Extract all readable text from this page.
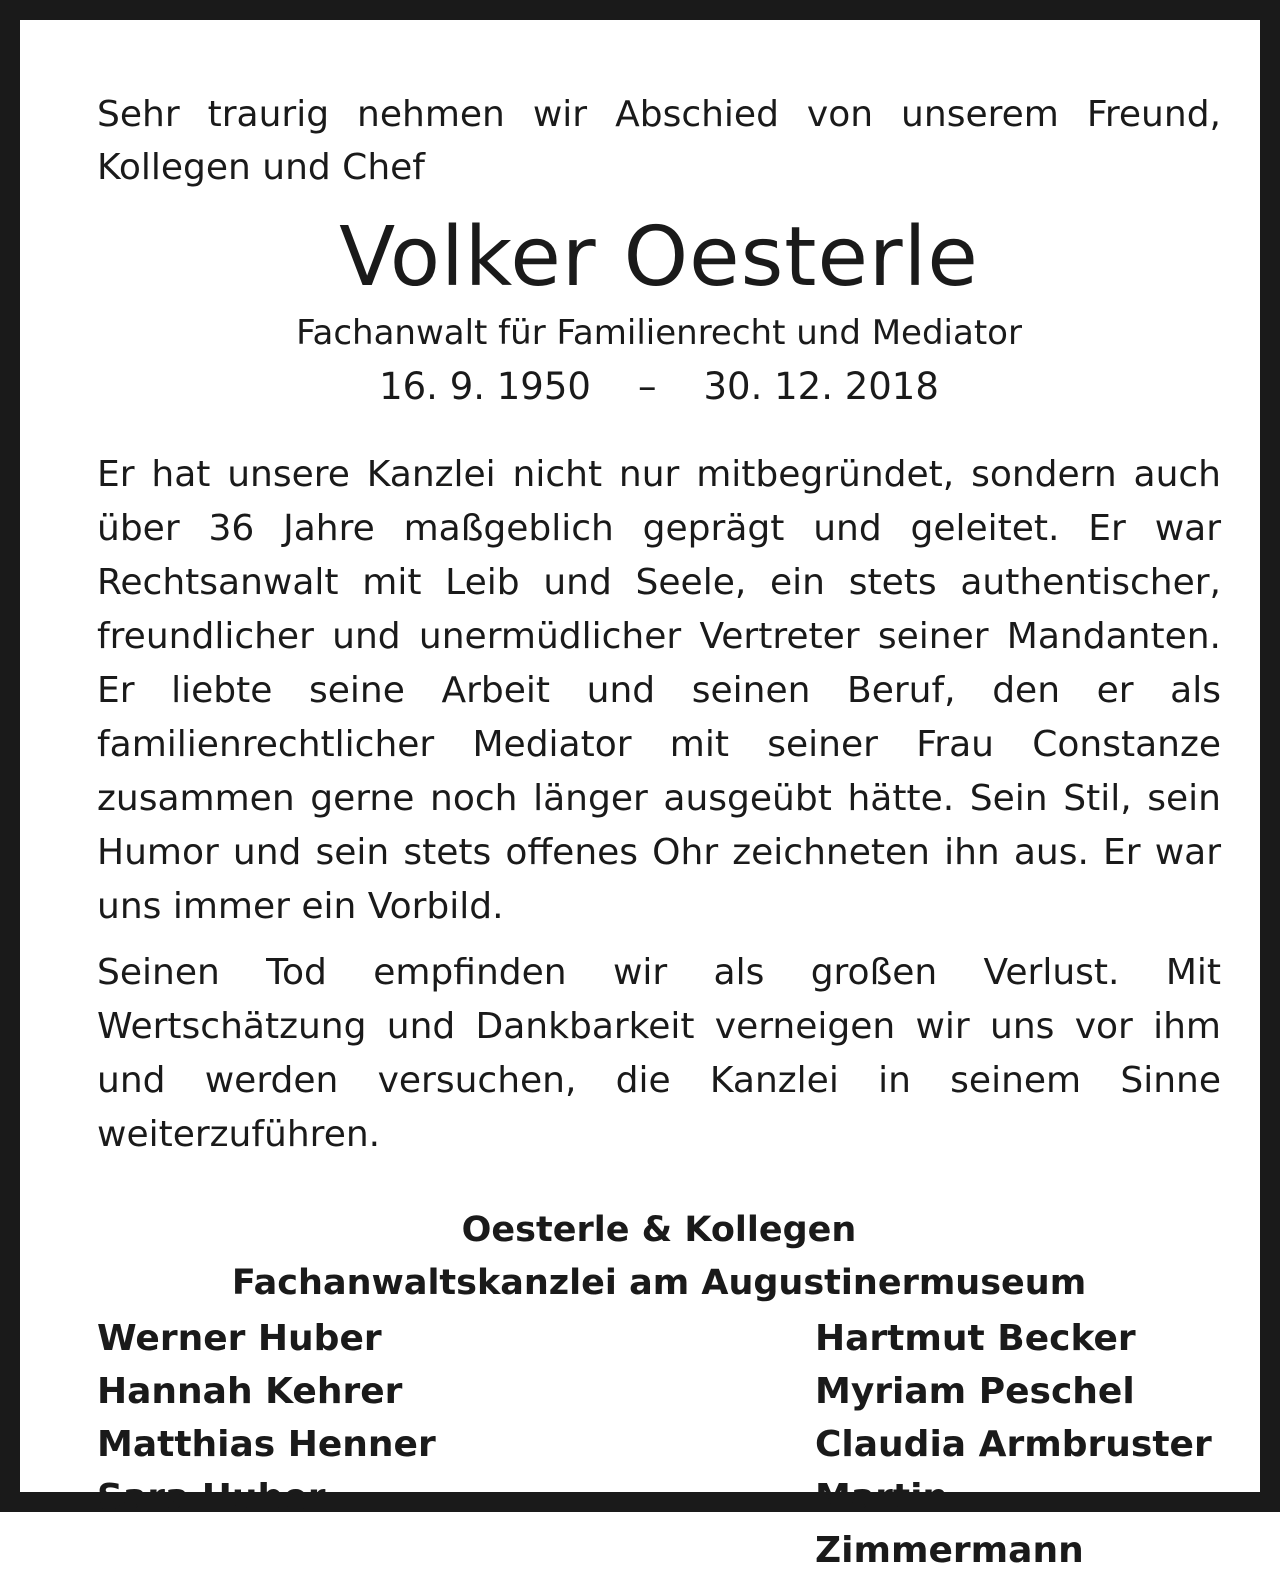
Sehr traurig nehmen wir Abschied von unserem Freund, Kollegen und Chef

Volker Oesterle

Fachanwalt für Familienrecht und Mediator

16. 9. 1950    –    30. 12. 2018

Er hat unsere Kanzlei nicht nur mitbegründet, sondern auch über 36 Jahre maßgeblich geprägt und geleitet. Er war Rechtsanwalt mit Leib und Seele, ein stets authentischer, freundlicher und unermüdlicher Vertreter seiner Mandanten. Er liebte seine Arbeit und seinen Beruf, den er als familienrechtlicher Mediator mit seiner Frau Constanze zusammen gerne noch länger ausgeübt hätte. Sein Stil, sein Humor und sein stets offenes Ohr zeichneten ihn aus. Er war uns immer ein Vorbild.

Seinen Tod empfinden wir als großen Verlust. Mit Wertschätzung und Dankbarkeit verneigen wir uns vor ihm und werden versuchen, die Kanzlei in seinem Sinne weiterzuführen.

Oesterle & Kollegen

Fachanwaltskanzlei am Augustinermuseum

Werner Huber
Hannah Kehrer
Matthias Henner
Sara Huber
Hartmut Becker
Myriam Peschel
Claudia Armbruster
Martin Zimmermann
